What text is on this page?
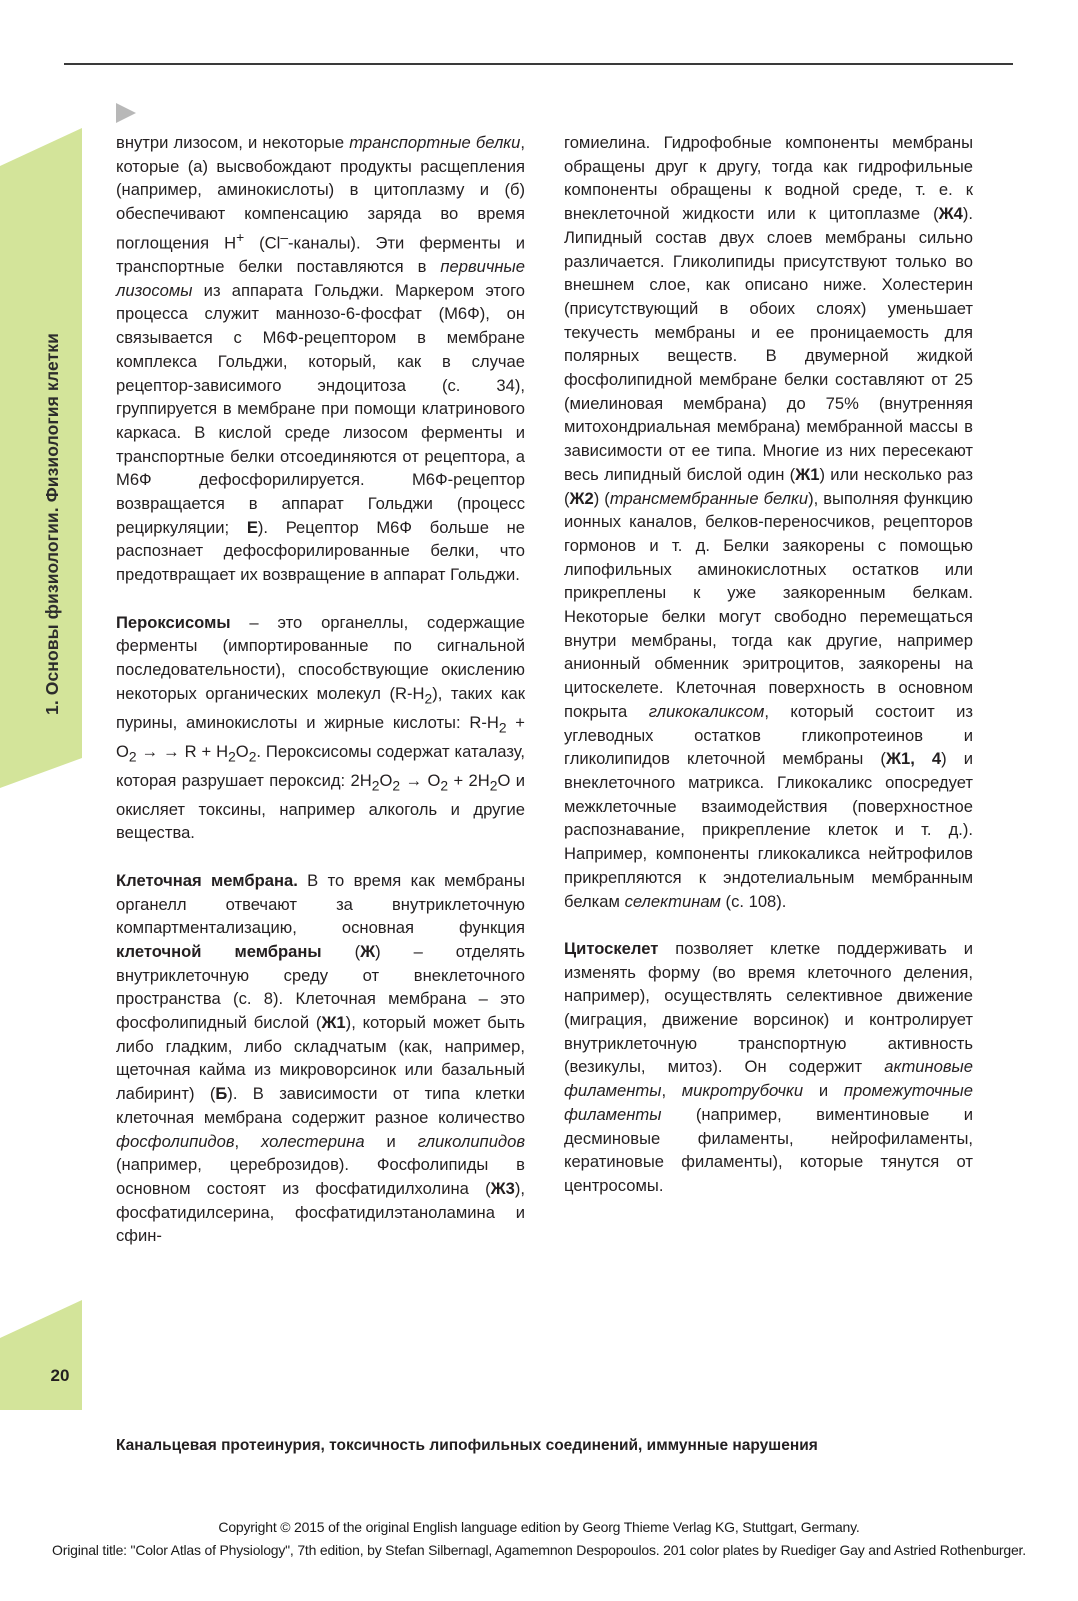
1. Основы физиологии. Физиология клетки

внутри лизосом, и некоторые транспортные белки, которые (а) высвобождают продукты расщепления (например, аминокислоты) в цитоплазму и (б) обеспечивают компенсацию заряда во время поглощения H+ (Cl–-каналы). Эти ферменты и транспортные белки поставляются в первичные лизосомы из аппарата Гольджи. Маркером этого процесса служит маннозо-6-фосфат (М6Ф), он связывается с М6Ф-рецептором в мембране комплекса Гольджи, который, как в случае рецептор-зависимого эндоцитоза (с. 34), группируется в мембране при помощи клатринового каркаса. В кислой среде лизосом ферменты и транспортные белки отсоединяются от рецептора, а М6Ф дефосфорилируется. М6Ф-рецептор возвращается в аппарат Гольджи (процесс рециркуляции; E). Рецептор М6Ф больше не распознает дефосфорилированные белки, что предотвращает их возвращение в аппарат Гольджи.

Пероксисомы – это органеллы, содержащие ферменты (импортированные по сигнальной последовательности), способствующие окислению некоторых органических молекул $(R-H_2)$, таких как пурины, аминокислоты и жирные кислоты: $R-H_2 + O_2$ → → $R + H_2O_2$. Пероксисомы содержат каталазу, которая разрушает пероксид: $2H_2O_2 \to O_2 + 2H_2O$ и окисляет токсины, например алкоголь и другие вещества.

Клеточная мембрана. В то время как мембраны органелл отвечают за внутриклеточную компартментализацию, основная функция клеточной мембраны (Ж) – отделять внутриклеточную среду от внеклеточного пространства (с. 8). Клеточная мембрана – это фосфолипидный бислой (Ж1), который может быть либо гладким, либо складчатым (как, например, щеточная кайма из микроворсинок или базальный лабиринт) (Б). В зависимости от типа клетки клеточная мембрана содержит разное количество фосфолипидов, холестерина и гликолипидов (например, цереброзидов). Фосфолипиды в основном состоят из фосфатидилхолина (Ж3), фосфатидилсерина, фосфатидилэтаноламина и сфин-

гомиелина. Гидрофобные компоненты мембраны обращены друг к другу, тогда как гидрофильные компоненты обращены к водной среде, т. е. к внеклеточной жидкости или к цитоплазме (Ж4). Липидный состав двух слоев мембраны сильно различается. Гликолипиды присутствуют только во внешнем слое, как описано ниже. Холестерин (присутствующий в обоих слоях) уменьшает текучесть мембраны и ее проницаемость для полярных веществ. В двумерной жидкой фосфолипидной мембране белки составляют от 25 (миелиновая мембрана) до 75% (внутренняя митохондриальная мембрана) мембранной массы в зависимости от ее типа. Многие из них пересекают весь липидный бислой один (Ж1) или несколько раз (Ж2) (трансмембранные белки), выполняя функцию ионных каналов, белков-переносчиков, рецепторов гормонов и т. д. Белки заякорены с помощью липофильных аминокислотных остатков или прикреплены к уже заякоренным белкам. Некоторые белки могут свободно перемещаться внутри мембраны, тогда как другие, например анионный обменник эритроцитов, заякорены на цитоскелете. Клеточная поверхность в основном покрыта гликокаликсом, который состоит из углеводных остатков гликопротеинов и гликолипидов клеточной мембраны (Ж1, 4) и внеклеточного матрикса. Гликокаликс опосредует межклеточные взаимодействия (поверхностное распознавание, прикрепление клеток и т. д.). Например, компоненты гликокаликса нейтрофилов прикрепляются к эндотелиальным мембранным белкам селектинам (с. 108).

Цитоскелет позволяет клетке поддерживать и изменять форму (во время клеточного деления, например), осуществлять селективное движение (миграция, движение ворсинок) и контролирует внутриклеточную транспортную активность (везикулы, митоз). Он содержит актиновые филаменты, микротрубочки и промежуточные филаменты (например, виментиновые и десминовые филаменты, нейрофиламенты, кератиновые филаменты), которые тянутся от центросомы.

20
Канальцевая протеинурия, токсичность липофильных соединений, иммунные нарушения
Copyright © 2015 of the original English language edition by Georg Thieme Verlag KG, Stuttgart, Germany.
Original title: "Color Atlas of Physiology", 7th edition, by Stefan Silbernagl, Agamemnon Despopoulos. 201 color plates by Ruediger Gay and Astried Rothenburger.
